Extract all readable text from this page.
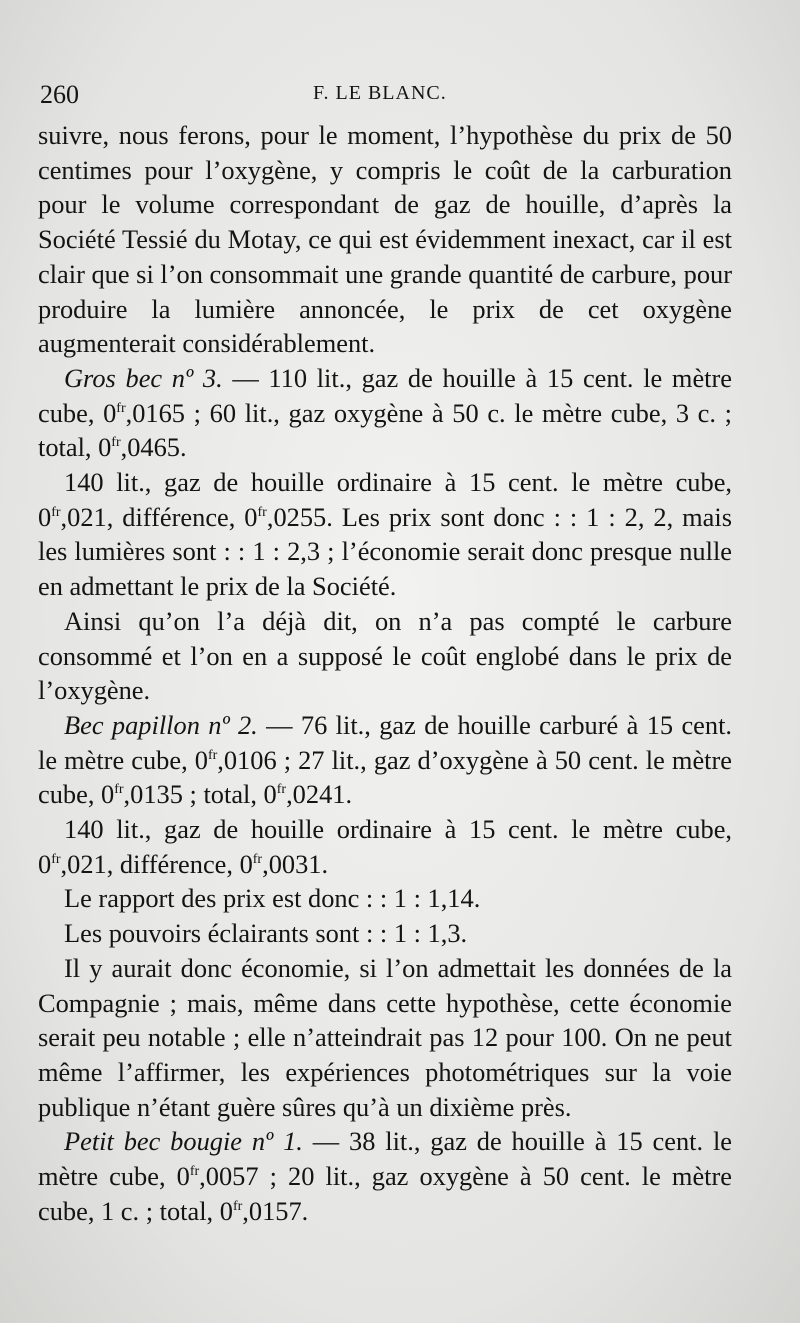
260	F. LE BLANC.

suivre, nous ferons, pour le moment, l’hypothèse du prix de 50 centimes pour l’oxygène, y compris le coût de la carburation pour le volume correspondant de gaz de houille, d’après la Société Tessié du Motay, ce qui est évidemment inexact, car il est clair que si l’on consommait une grande quantité de carbure, pour produire la lumière annoncée, le prix de cet oxygène augmenterait considérablement.

Gros bec nº 3. — 110 lit., gaz de houille à 15 cent. le mètre cube, $0^{fr},0165$ ; 60 lit., gaz oxygène à 50 c. le mètre cube, 3 c. ; total, $0^{fr},0465$.

140 lit., gaz de houille ordinaire à 15 cent. le mètre cube, $0^{fr},021$, différence, $0^{fr},0255$. Les prix sont donc : : 1 : 2, 2, mais les lumières sont : : 1 : 2,3 ; l’économie serait donc presque nulle en admettant le prix de la Société.

Ainsi qu’on l’a déjà dit, on n’a pas compté le carbure consommé et l’on en a supposé le coût englobé dans le prix de l’oxygène.

Bec papillon nº 2. — 76 lit., gaz de houille carburé à 15 cent. le mètre cube, $0^{fr},0106$ ; 27 lit., gaz d’oxygène à 50 cent. le mètre cube, $0^{fr},0135$ ; total, $0^{fr},0241$.

140 lit., gaz de houille ordinaire à 15 cent. le mètre cube, $0^{fr},021$, différence, $0^{fr},0031$.

Le rapport des prix est donc : : 1 : 1,14.

Les pouvoirs éclairants sont : : 1 : 1,3.

Il y aurait donc économie, si l’on admettait les données de la Compagnie ; mais, même dans cette hypothèse, cette économie serait peu notable ; elle n’atteindrait pas 12 pour 100. On ne peut même l’affirmer, les expériences photométriques sur la voie publique n’étant guère sûres qu’à un dixième près.

Petit bec bougie nº 1. — 38 lit., gaz de houille à 15 cent. le mètre cube, $0^{fr},0057$ ; 20 lit., gaz oxygène à 50 cent. le mètre cube, 1 c. ; total, $0^{fr},0157$.
